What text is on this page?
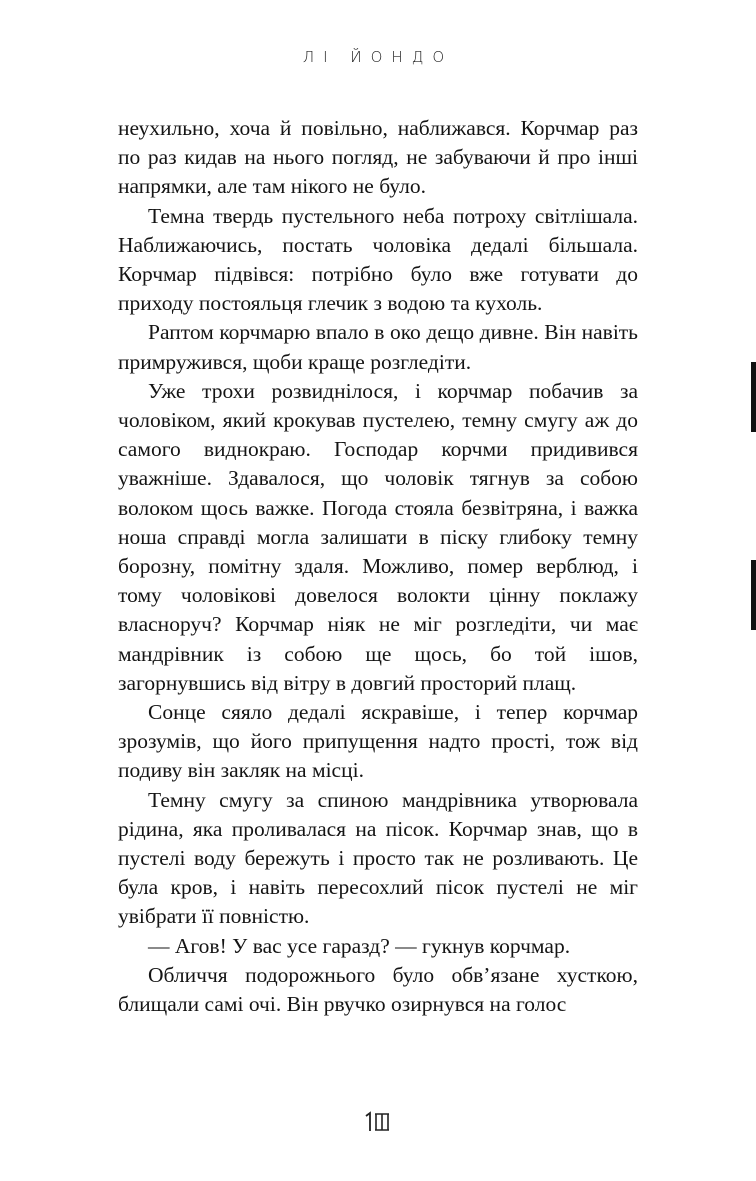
ЛІ ЙОНДО

неухильно, хоча й повільно, наближався. Корчмар раз по раз кидав на нього погляд, не забуваючи й про інші напрямки, але там нікого не було.

Темна твердь пустельного неба потроху світлішала. Наближаючись, постать чоловіка дедалі більшала. Корчмар підвівся: потрібно було вже готувати до приходу постояльця глечик з водою та кухоль.

Раптом корчмарю впало в око дещо дивне. Він навіть примружився, щоби краще розгледіти.

Уже трохи розвиднілося, і корчмар побачив за чоловіком, який крокував пустелею, темну смугу аж до самого виднокраю. Господар корчми придивився уважніше. Здавалося, що чоловік тягнув за собою волоком щось важке. Погода стояла безвітряна, і важка ноша справді могла залишати в піску глибоку темну борозну, помітну здаля. Можливо, помер верблюд, і тому чоловікові довелося волокти цінну поклажу власноруч? Корчмар ніяк не міг розгледіти, чи має мандрівник із собою ще щось, бо той ішов, загорнувшись від вітру в довгий просторий плащ.

Сонце сяяло дедалі яскравіше, і тепер корчмар зрозумів, що його припущення надто прості, тож від подиву він закляк на місці.

Темну смугу за спиною мандрівника утворювала рідина, яка проливалася на пісок. Корчмар знав, що в пустелі воду бережуть і просто так не розливають. Це була кров, і навіть пересохлий пісок пустелі не міг увібрати її повністю.

— Агов! У вас усе гаразд? — гукнув корчмар.

Обличчя подорожнього було обв’язане хусткою, блищали самі очі. Він рвучко озирнувся на голос
